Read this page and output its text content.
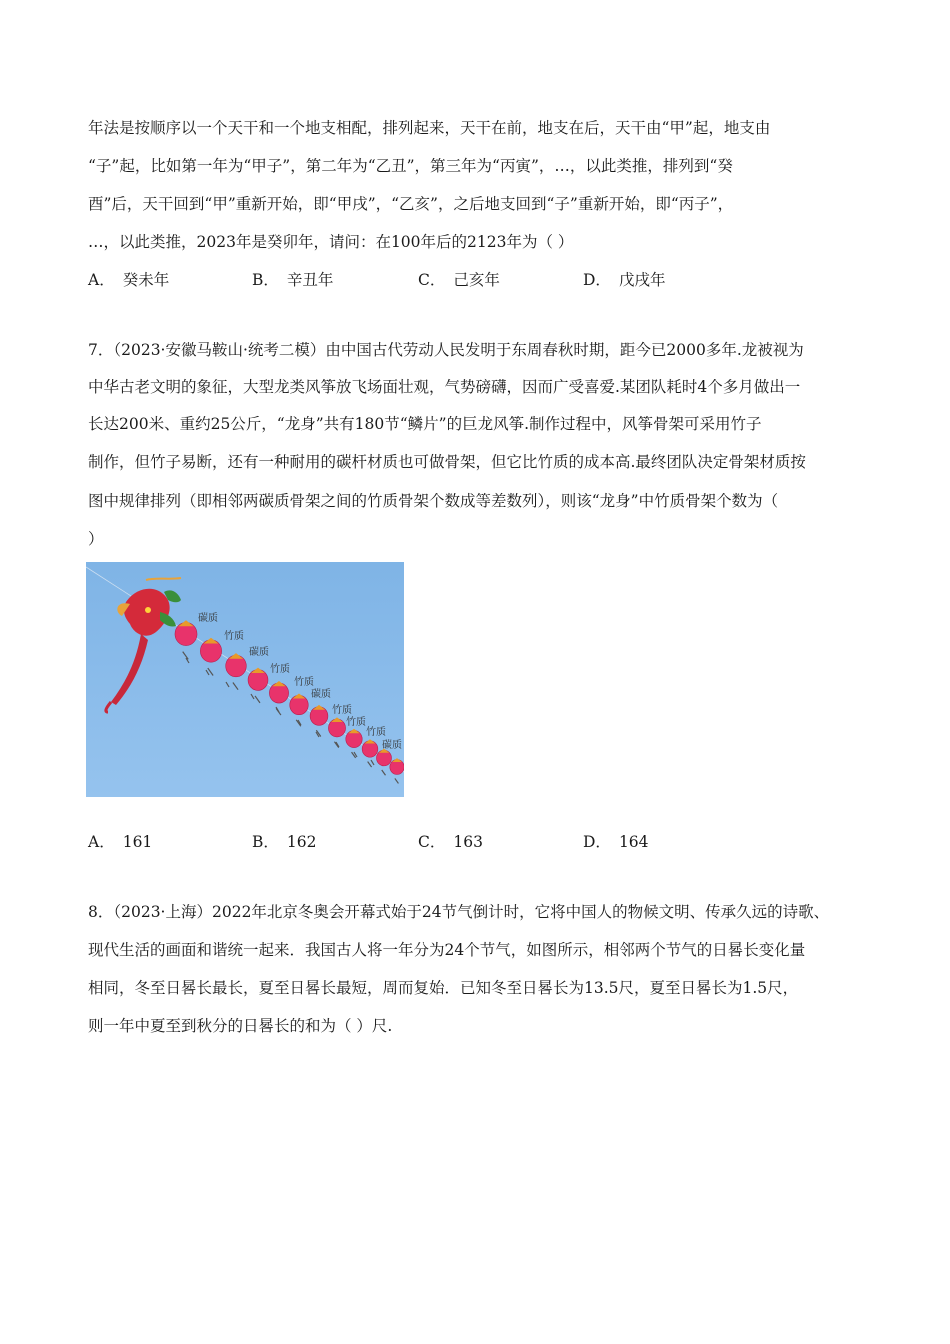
年法是按顺序以一个天干和一个地支相配，排列起来，天干在前，地支在后，天干由“甲”起，地支由
“子”起，比如第一年为“甲子”，第二年为“乙丑”，第三年为“丙寅”，…，以此类推，排列到“癸
酉”后，天干回到“甲”重新开始，即“甲戌”，“乙亥”，之后地支回到“子”重新开始，即“丙子”，
…，以此类推，2023年是癸卯年，请问：在100年后的2123年为（ ）
A． 癸未年	B． 辛丑年	C． 己亥年	D． 戊戌年
7．（2023·安徽马鞍山·统考二模）由中国古代劳动人民发明于东周春秋时期，距今已2000多年.龙被视为
中华古老文明的象征，大型龙类风筝放飞场面壮观，气势磅礴，因而广受喜爱.某团队耗时4个多月做出一
长达200米、重约25公斤，“龙身”共有180节“鳞片”的巨龙风筝.制作过程中，风筝骨架可采用竹子
制作，但竹子易断，还有一种耐用的碳杆材质也可做骨架，但它比竹质的成本高.最终团队决定骨架材质按
图中规律排列（即相邻两碳质骨架之间的竹质骨架个数成等差数列），则该“龙身”中竹质骨架个数为（
）
碳质
竹质
碳质
竹质
竹质
碳质
竹质
竹质
竹质
碳质
A． 161	B． 162	C． 163	D． 164
8．（2023·上海）2022年北京冬奥会开幕式始于24节气倒计时，它将中国人的物候文明、传承久远的诗歌、
现代生活的画面和谐统一起来．我国古人将一年分为24个节气，如图所示，相邻两个节气的日晷长变化量
相同，冬至日晷长最长，夏至日晷长最短，周而复始．已知冬至日晷长为13.5尺，夏至日晷长为1.5尺，
则一年中夏至到秋分的日晷长的和为（ ）尺.
